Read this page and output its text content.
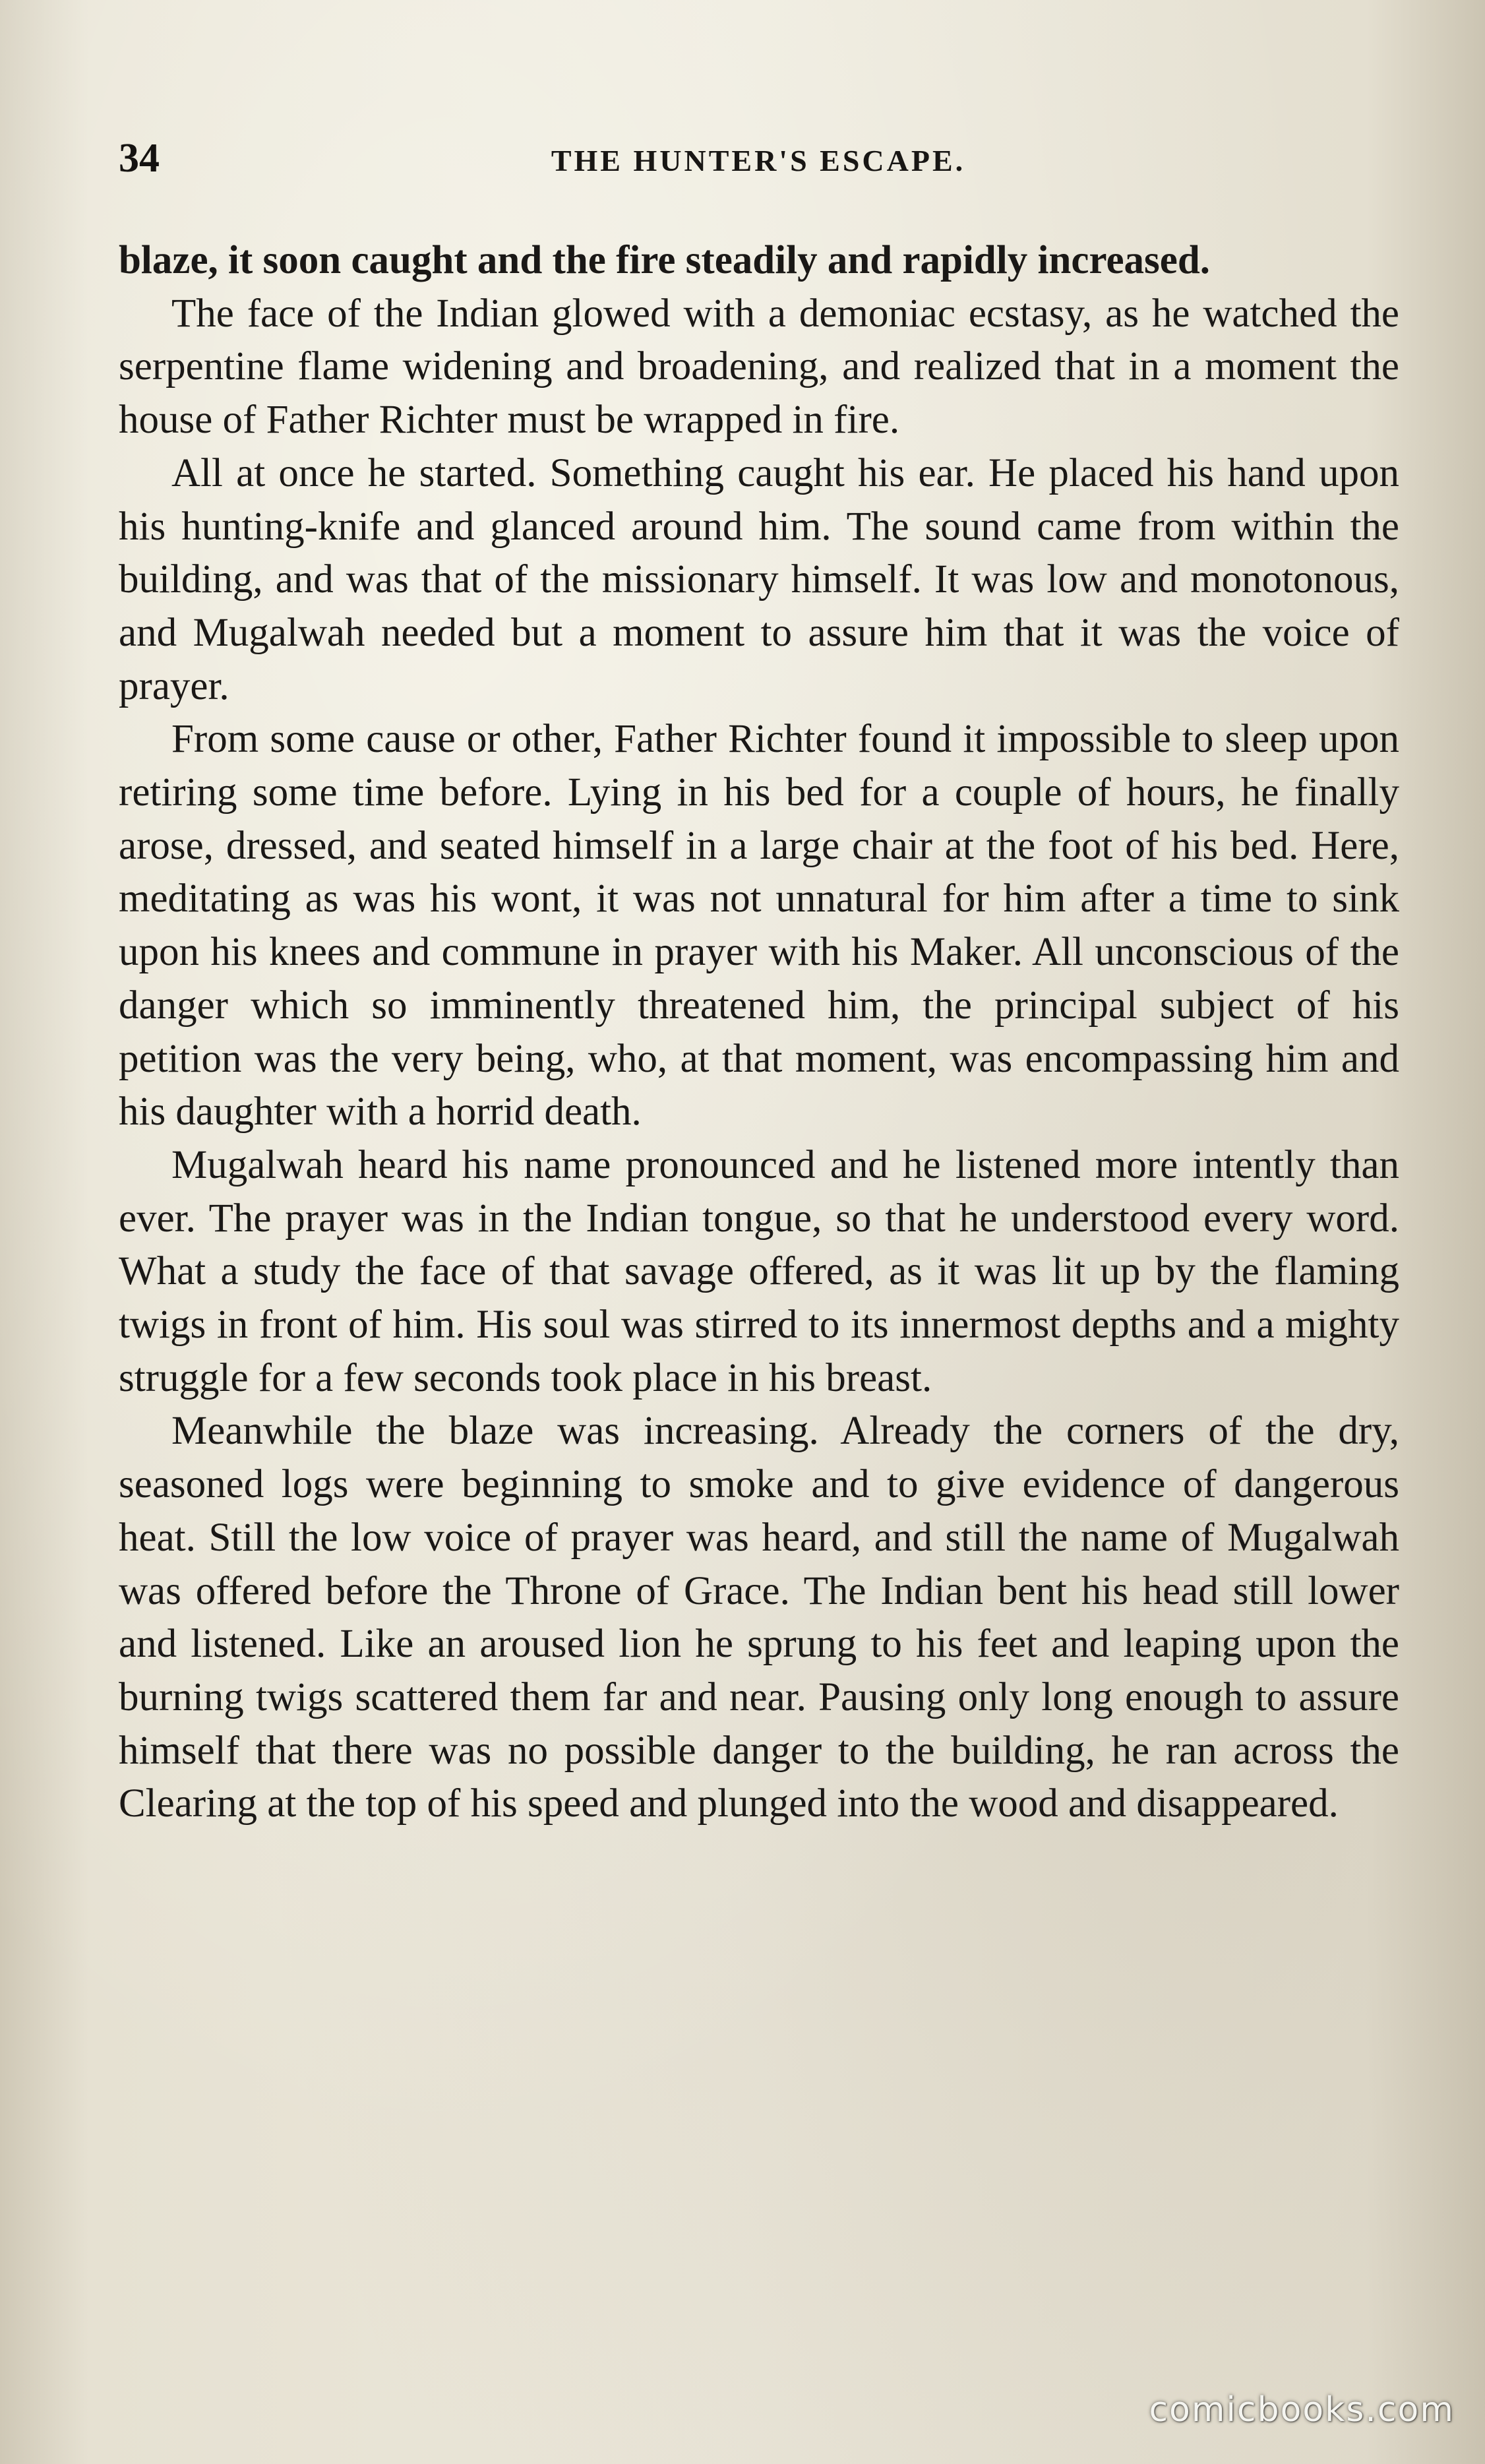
34	THE HUNTER'S ESCAPE.

blaze, it soon caught and the fire steadily and rapidly increased.

The face of the Indian glowed with a demoniac ecstasy, as he watched the serpentine flame widening and broadening, and realized that in a moment the house of Father Richter must be wrapped in fire.

All at once he started. Something caught his ear. He placed his hand upon his hunting-knife and glanced around him. The sound came from within the building, and was that of the missionary himself. It was low and monotonous, and Mugalwah needed but a moment to assure him that it was the voice of prayer.

From some cause or other, Father Richter found it impossible to sleep upon retiring some time before. Lying in his bed for a couple of hours, he finally arose, dressed, and seated himself in a large chair at the foot of his bed. Here, meditating as was his wont, it was not unnatural for him after a time to sink upon his knees and commune in prayer with his Maker. All unconscious of the danger which so imminently threatened him, the principal subject of his petition was the very being, who, at that moment, was encompassing him and his daughter with a horrid death.

Mugalwah heard his name pronounced and he listened more intently than ever. The prayer was in the Indian tongue, so that he understood every word. What a study the face of that savage offered, as it was lit up by the flaming twigs in front of him. His soul was stirred to its innermost depths and a mighty struggle for a few seconds took place in his breast.

Meanwhile the blaze was increasing. Already the corners of the dry, seasoned logs were beginning to smoke and to give evidence of dangerous heat. Still the low voice of prayer was heard, and still the name of Mugalwah was offered before the Throne of Grace. The Indian bent his head still lower and listened. Like an aroused lion he sprung to his feet and leaping upon the burning twigs scattered them far and near. Pausing only long enough to assure himself that there was no possible danger to the building, he ran across the Clearing at the top of his speed and plunged into the wood and disappeared.

comicbooks.com
